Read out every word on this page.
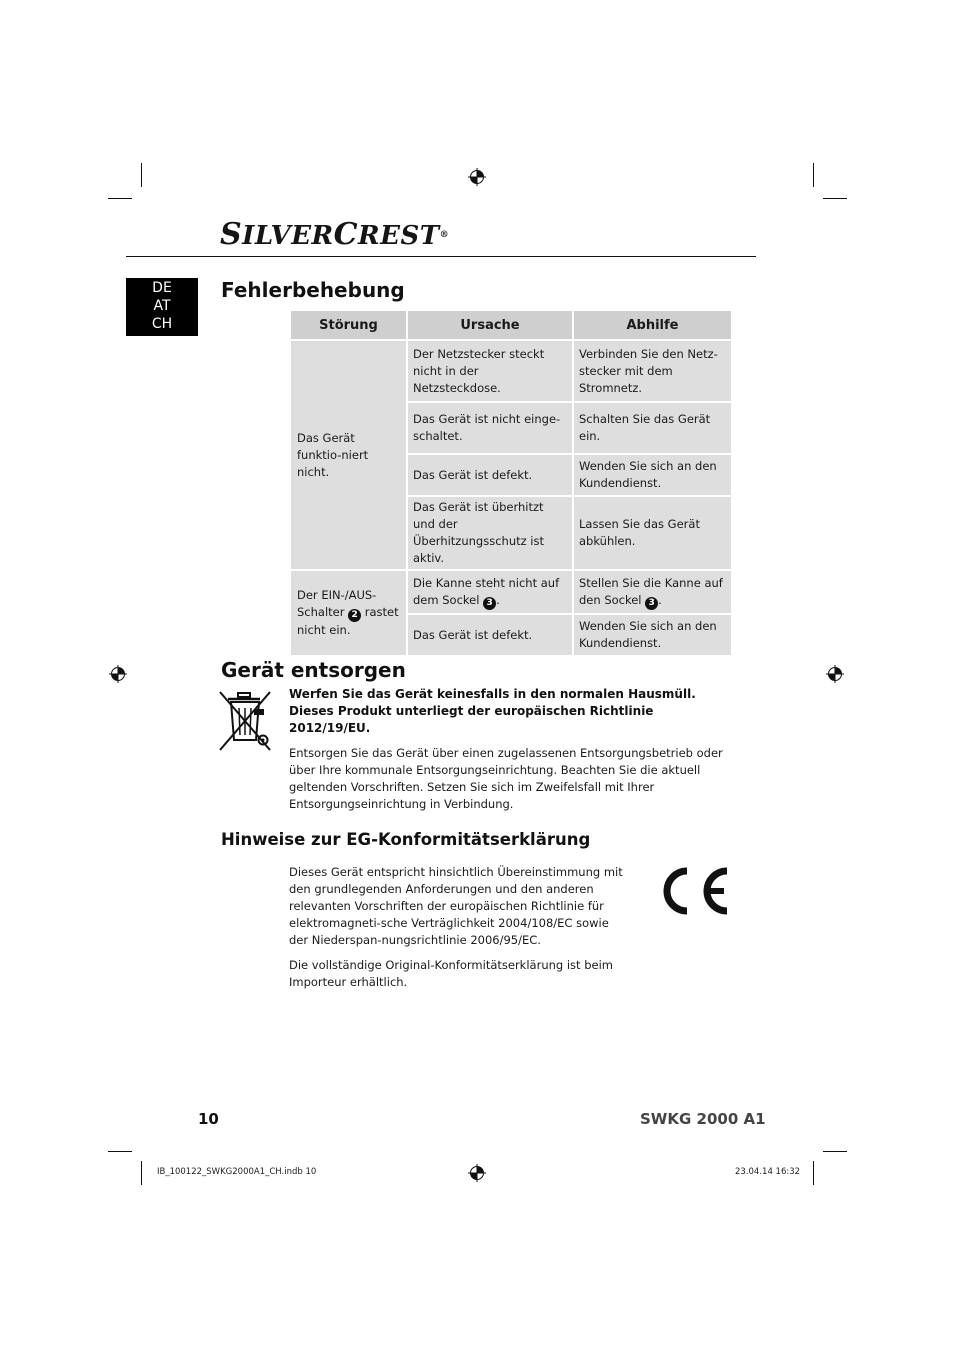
SILVERCREST®
DE
AT
CH
Fehlerbehebung
Störung	Ursache	Abhilfe
Das Gerät funktio-niert nicht.	Der Netzstecker steckt nicht in der Netzsteckdose.	Verbinden Sie den Netz-stecker mit dem Stromnetz.
	Das Gerät ist nicht einge-schaltet.	Schalten Sie das Gerät ein.
	Das Gerät ist defekt.	Wenden Sie sich an den Kundendienst.
	Das Gerät ist überhitzt und der Überhitzungsschutz ist aktiv.	Lassen Sie das Gerät abkühlen.
Der EIN-/AUS-Schalter 2 rastet nicht ein.	Die Kanne steht nicht auf dem Sockel 3 .	Stellen Sie die Kanne auf den Sockel 3 .
	Das Gerät ist defekt.	Wenden Sie sich an den Kundendienst.
Gerät entsorgen

Werfen Sie das Gerät keinesfalls in den normalen Hausmüll. Dieses Produkt unterliegt der europäischen Richtlinie 2012/19/EU.

Entsorgen Sie das Gerät über einen zugelassenen Entsorgungsbetrieb oder über Ihre kommunale Entsorgungseinrichtung. Beachten Sie die aktuell geltenden Vorschriften. Setzen Sie sich im Zweifelsfall mit Ihrer Entsorgungseinrichtung in Verbindung.

Hinweise zur EG-Konformitätserklärung

Dieses Gerät entspricht hinsichtlich Übereinstimmung mit den grundlegenden Anforderungen und den anderen relevanten Vorschriften der europäischen Richtlinie für elektromagneti-sche Verträglichkeit 2004/108/EC sowie der Niederspan-nungsrichtlinie 2006/95/EC.

Die vollständige Original-Konformitätserklärung ist beim Importeur erhältlich.

10	SWKG 2000 A1
IB_100122_SWKG2000A1_CH.indb 10	23.04.14 16:32
